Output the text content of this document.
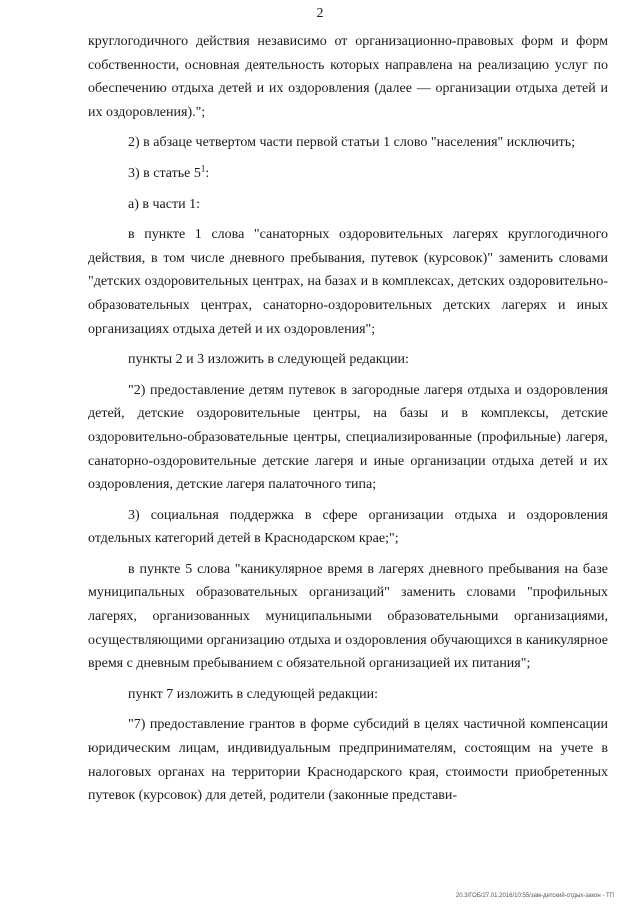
2

круглогодичного действия независимо от организационно-правовых форм и форм собственности, основная деятельность которых направлена на реализацию услуг по обеспечению отдыха детей и их оздоровления (далее — организации отдыха детей и их оздоровления).";

2) в абзаце четвертом части первой статьи 1 слово "населения" исключить;

3) в статье $5^1$:

а) в части 1:

в пункте 1 слова "санаторных оздоровительных лагерях круглогодичного действия, в том числе дневного пребывания, путевок (курсовок)" заменить словами "детских оздоровительных центрах, на базах и в комплексах, детских оздоровительно-образовательных центрах, санаторно-оздоровительных детских лагерях и иных организациях отдыха детей и их оздоровления";

пункты 2 и 3 изложить в следующей редакции:

"2) предоставление детям путевок в загородные лагеря отдыха и оздоровления детей, детские оздоровительные центры, на базы и в комплексы, детские оздоровительно-образовательные центры, специализированные (профильные) лагеря, санаторно-оздоровительные детские лагеря и иные организации отдыха детей и их оздоровления, детские лагеря палаточного типа;

3) социальная поддержка в сфере организации отдыха и оздоровления отдельных категорий детей в Краснодарском крае;";

в пункте 5 слова "каникулярное время в лагерях дневного пребывания на базе муниципальных образовательных организаций" заменить словами "профильных лагерях, организованных муниципальными образовательными организациями, осуществляющими организацию отдыха и оздоровления обучающихся в каникулярное время с дневным пребыванием с обязательной организацией их питания";

пункт 7 изложить в следующей редакции:

"7) предоставление грантов в форме субсидий в целях частичной компенсации юридическим лицам, индивидуальным предпринимателям, состоящим на учете в налоговых органах на территории Краснодарского края, стоимости приобретенных путевок (курсовок) для детей, родители (законные представи-

20.3/ГОБ/27.01.2016/10:55/зам-детский-отдых-закон - ТП
